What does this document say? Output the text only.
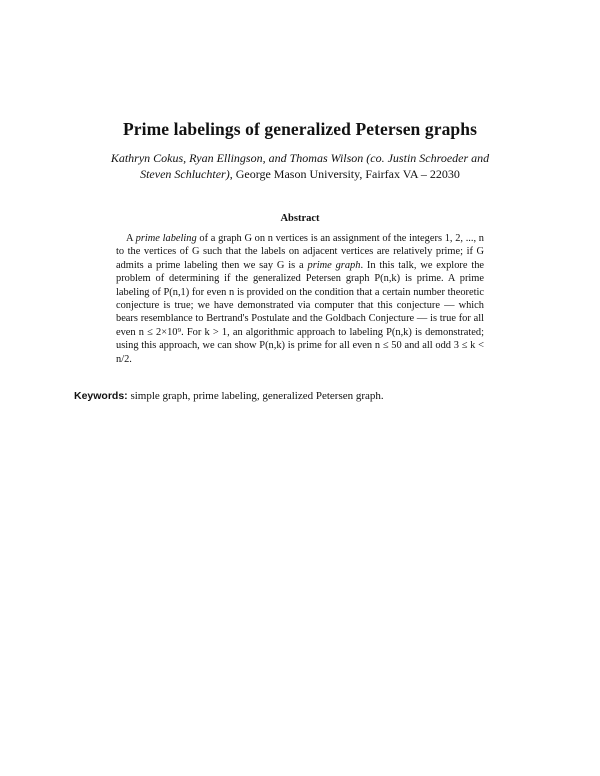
Prime labelings of generalized Petersen graphs
Kathryn Cokus, Ryan Ellingson, and Thomas Wilson (co. Justin Schroeder and Steven Schluchter), George Mason University, Fairfax VA – 22030
Abstract

A prime labeling of a graph G on n vertices is an assignment of the integers 1, 2, ..., n to the vertices of G such that the labels on adjacent vertices are relatively prime; if G admits a prime labeling then we say G is a prime graph. In this talk, we explore the problem of determining if the generalized Petersen graph P(n,k) is prime. A prime labeling of P(n,1) for even n is provided on the condition that a certain number theoretic conjecture is true; we have demonstrated via computer that this conjecture — which bears resemblance to Bertrand's Postulate and the Goldbach Conjecture — is true for all even n ≤ 2×10⁹. For k > 1, an algorithmic approach to labeling P(n,k) is demonstrated; using this approach, we can show P(n,k) is prime for all even n ≤ 50 and all odd 3 ≤ k < n/2.

Keywords: simple graph, prime labeling, generalized Petersen graph.
